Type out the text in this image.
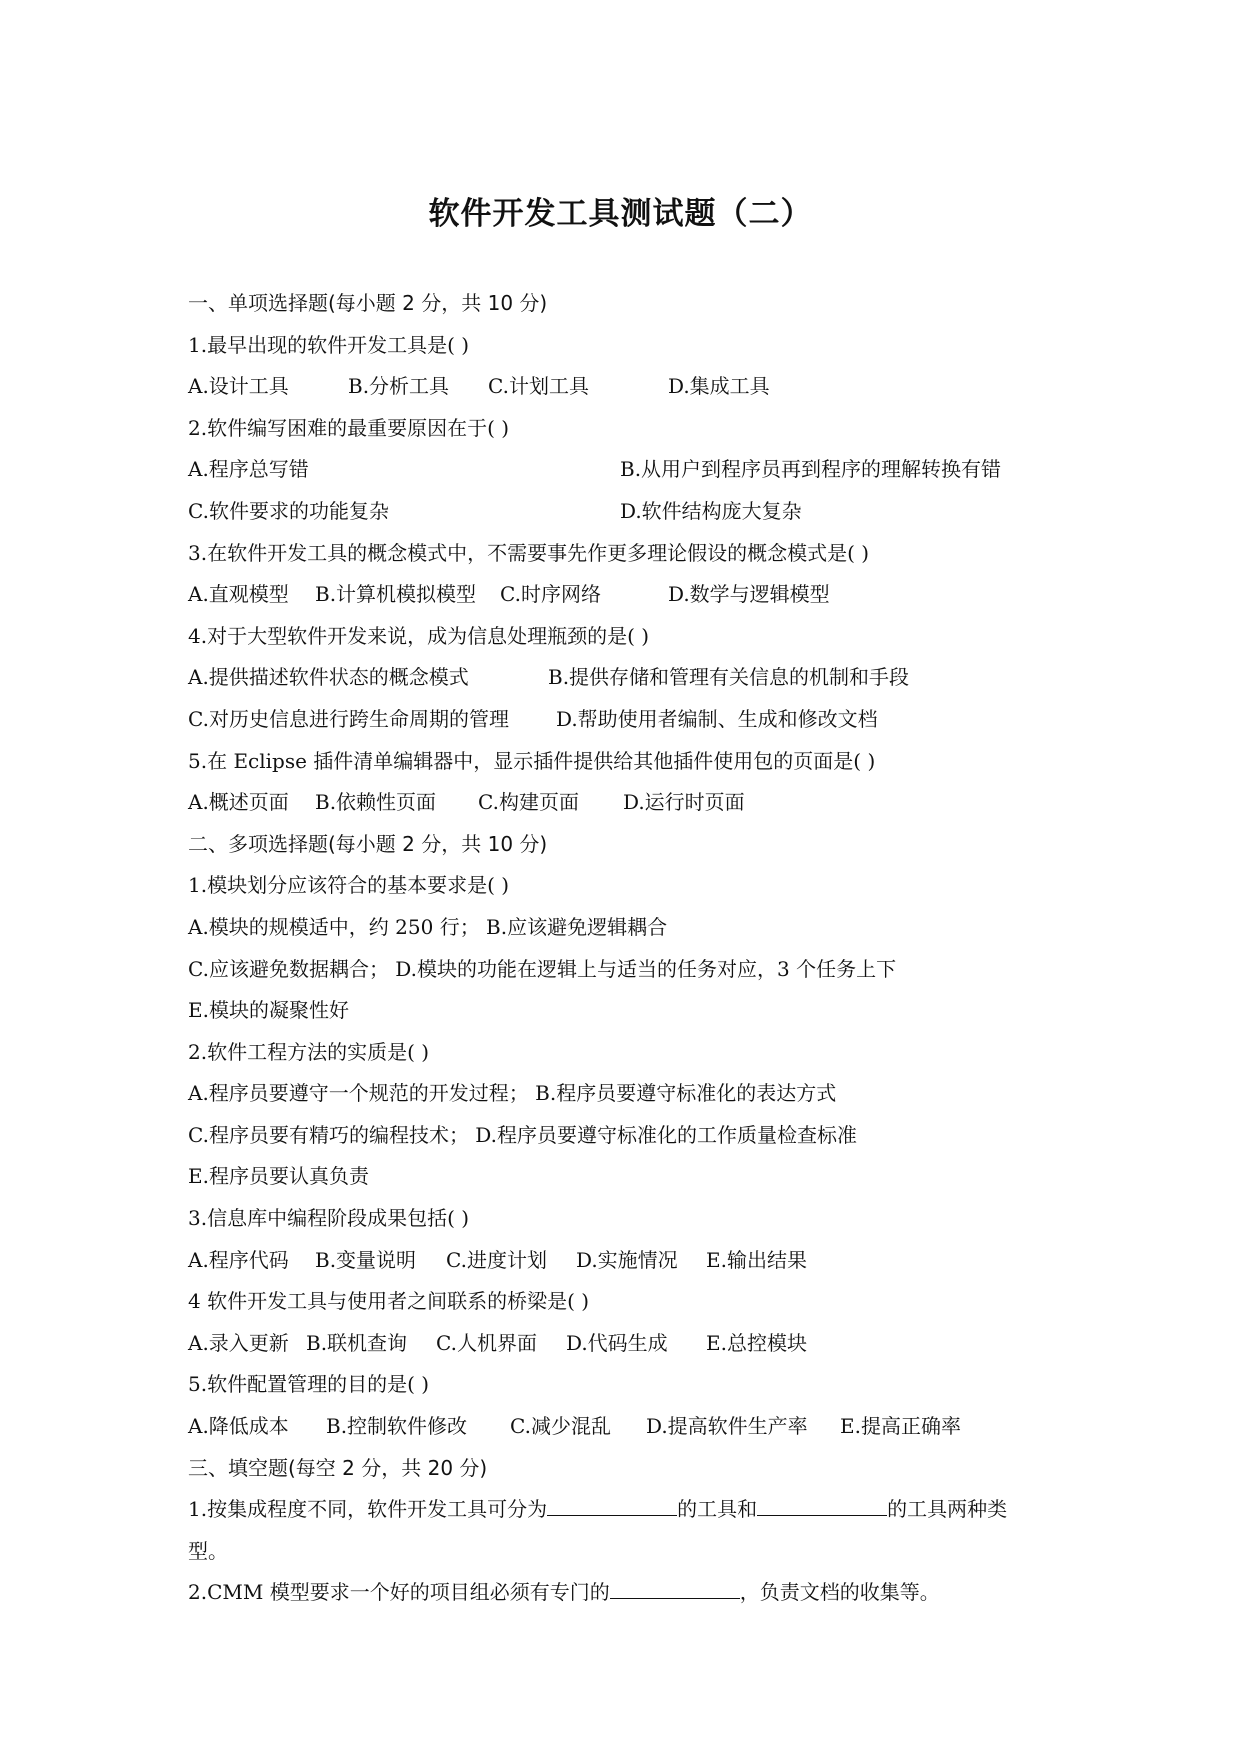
软件开发工具测试题（二）
一、单项选择题(每小题 2 分，共 10 分)
1.最早出现的软件开发工具是( )
A.设计工具	B.分析工具 C.计划工具	D.集成工具
2.软件编写困难的最重要原因在于( )
A.程序总写错	B.从用户到程序员再到程序的理解转换有错
C.软件要求的功能复杂	D.软件结构庞大复杂
3.在软件开发工具的概念模式中，不需要事先作更多理论假设的概念模式是( )
A.直观模型 B.计算机模拟模型 C.时序网络	D.数学与逻辑模型
4.对于大型软件开发来说，成为信息处理瓶颈的是( )
A.提供描述软件状态的概念模式	B.提供存储和管理有关信息的机制和手段
C.对历史信息进行跨生命周期的管理 D.帮助使用者编制、生成和修改文档
5.在 Eclipse 插件清单编辑器中，显示插件提供给其他插件使用包的页面是( )
A.概述页面 B.依赖性页面 C.构建页面 D.运行时页面
二、多项选择题(每小题 2 分，共 10 分)
1.模块划分应该符合的基本要求是( )
A.模块的规模适中，约 250 行； B.应该避免逻辑耦合
C.应该避免数据耦合； D.模块的功能在逻辑上与适当的任务对应，3 个任务上下
E.模块的凝聚性好
2.软件工程方法的实质是( )
A.程序员要遵守一个规范的开发过程； B.程序员要遵守标准化的表达方式
C.程序员要有精巧的编程技术； D.程序员要遵守标准化的工作质量检查标准
E.程序员要认真负责
3.信息库中编程阶段成果包括( )
A.程序代码 B.变量说明 C.进度计划 D.实施情况 E.输出结果
4 软件开发工具与使用者之间联系的桥梁是( )
A.录入更新 B.联机查询 C.人机界面 D.代码生成 E.总控模块
5.软件配置管理的目的是( )
A.降低成本 B.控制软件修改 C.减少混乱 D.提高软件生产率 E.提高正确率
三、填空题(每空 2 分，共 20 分)
1.按集成程度不同，软件开发工具可分为	的工具和	的工具两种类
型。
2.CMM 模型要求一个好的项目组必须有专门的	，负责文档的收集等。
